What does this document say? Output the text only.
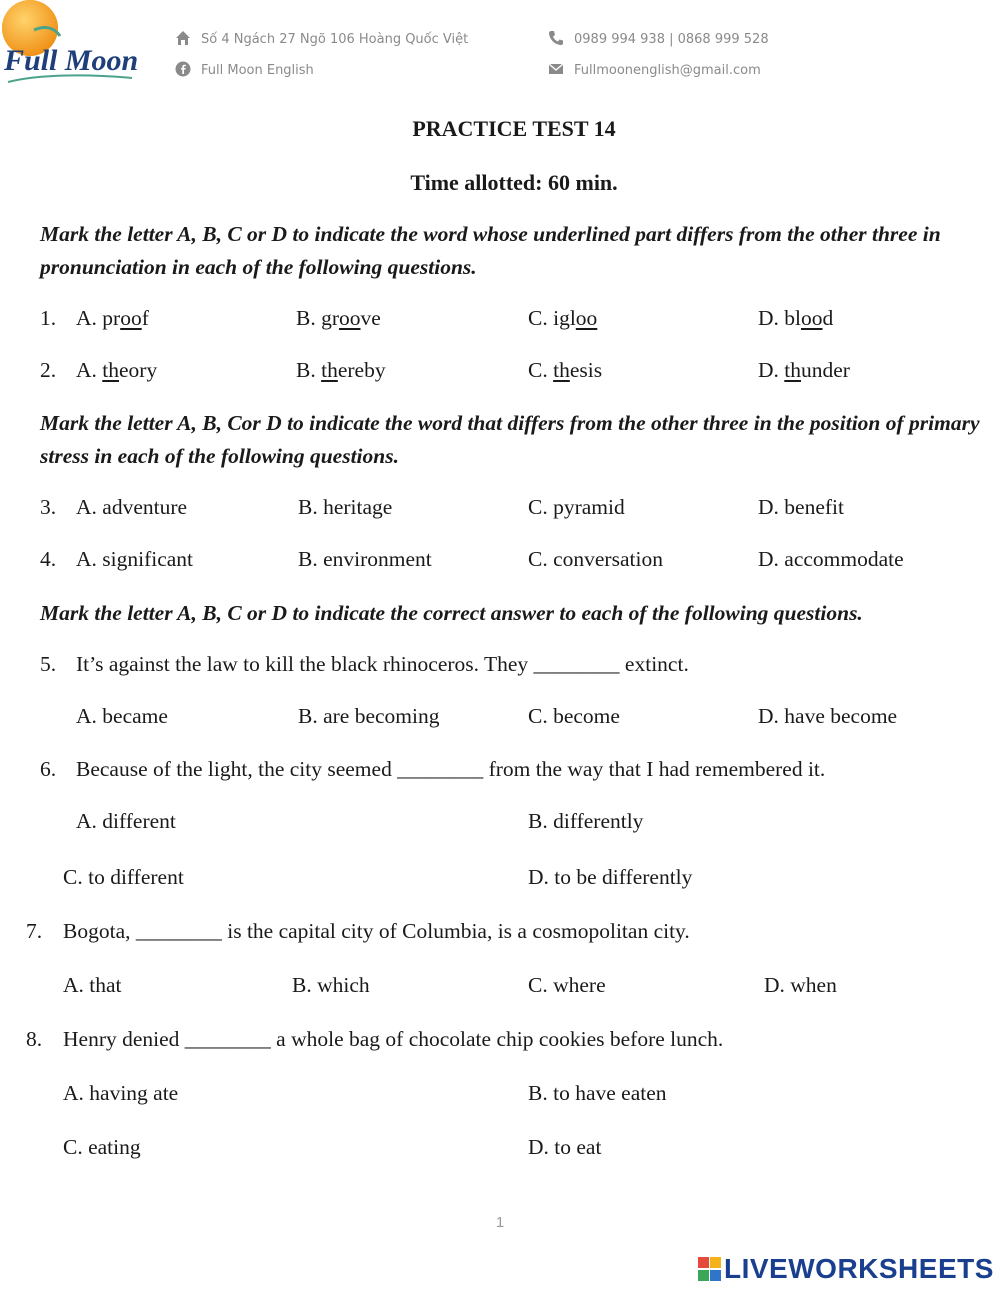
Full Moon
Số 4 Ngách 27 Ngõ 106 Hoàng Quốc Việt	0989 994 938 | 0868 999 528
Full Moon English	Fullmoonenglish@gmail.com
PRACTICE TEST 14
Time allotted: 60 min.
Mark the letter A, B, C or D to indicate the word whose underlined part differs from the other three in pronunciation in each of the following questions.
1. A. proof	B. groove	C. igloo	D. blood
2. A. theory	B. thereby	C. thesis	D. thunder
Mark the letter A, B, Cor D to indicate the word that differs from the other three in the position of primary stress in each of the following questions.
3. A. adventure	B. heritage	C. pyramid	D. benefit
4. A. significant	B. environment	C. conversation	D. accommodate
Mark the letter A, B, C or D to indicate the correct answer to each of the following questions.
5. It’s against the law to kill the black rhinoceros. They ________ extinct.
A. became	B. are becoming	C. become	D. have become
6. Because of the light, the city seemed ________ from the way that I had remembered it.
A. different	B. differently
C. to different	D. to be differently
7. Bogota, ________ is the capital city of Columbia, is a cosmopolitan city.
A. that	B. which	C. where	D. when
8. Henry denied ________ a whole bag of chocolate chip cookies before lunch.
A. having ate	B. to have eaten
C. eating	D. to eat
1
LIVEWORKSHEETS
